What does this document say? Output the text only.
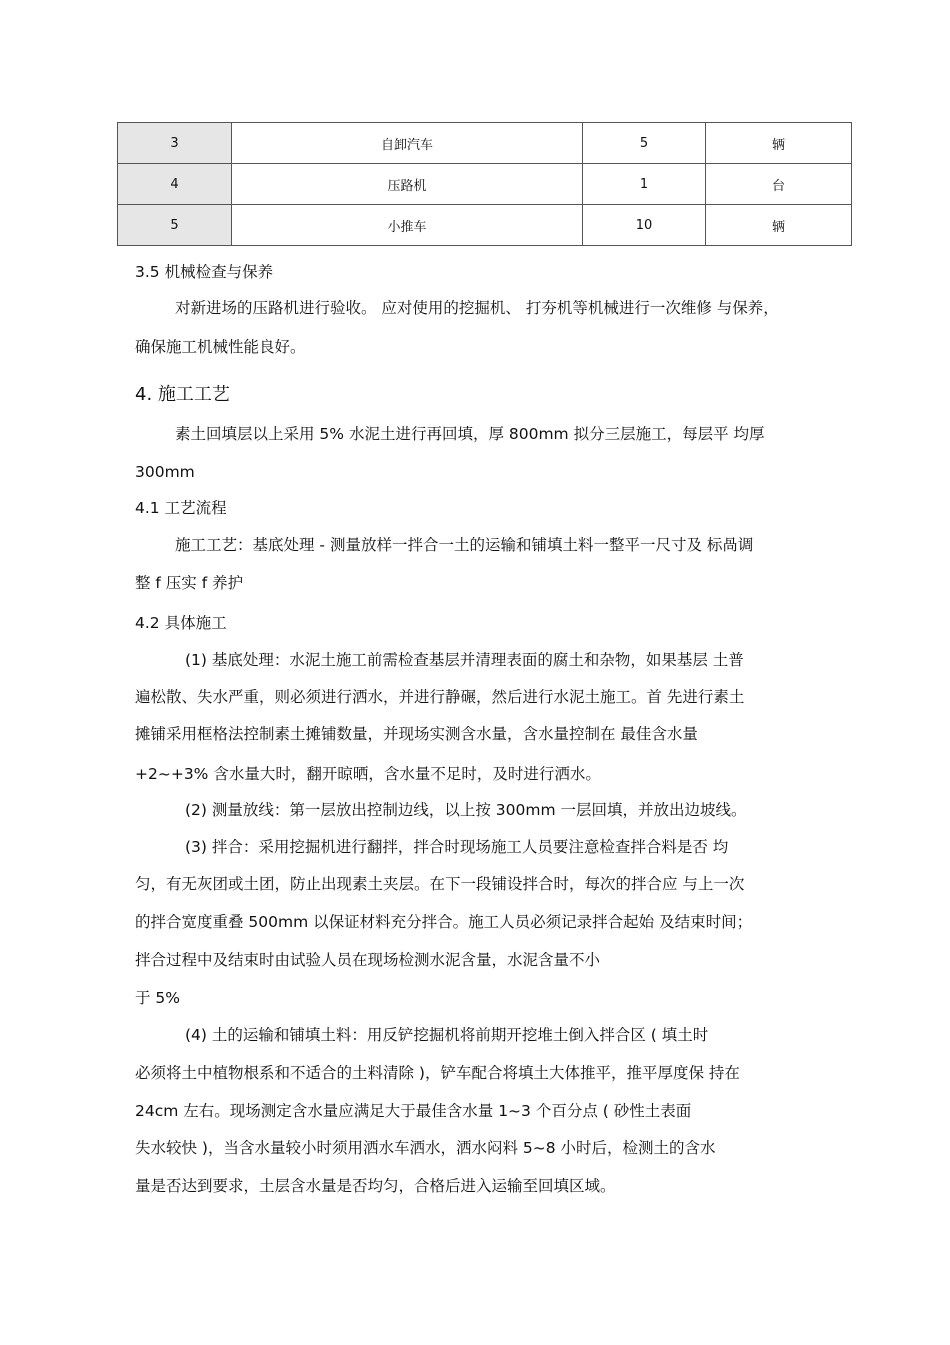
3	自卸汽车	5	辆
4	压路机	1	台
5	小推车	10	辆
3.5 机械检查与保养
对新进场的压路机进行验收。 应对使用的挖掘机、 打夯机等机械进行一次维修 与保养，
确保施工机械性能良好。
4. 施工工艺
素土回填层以上采用 5% 水泥土进行再回填，厚 800mm 拟分三层施工，每层平 均厚
300mm
4.1 工艺流程
施工工艺：基底处理 - 测量放样一拌合一土的运输和铺填土料一整平一尺寸及 标咼调
整 f 压实 f 养护
4.2 具体施工
(1) 基底处理：水泥土施工前需检查基层并清理表面的腐土和杂物，如果基层 土普
遍松散、失水严重，则必须进行洒水，并进行静碾，然后进行水泥土施工。首 先进行素土
摊铺采用框格法控制素土摊铺数量，并现场实测含水量，含水量控制在 最佳含水量
+2~+3% 含水量大时，翻开晾晒，含水量不足时，及时进行洒水。
(2) 测量放线：第一层放出控制边线，以上按 300mm 一层回填，并放出边坡线。
(3) 拌合：采用挖掘机进行翻拌，拌合时现场施工人员要注意检查拌合料是否 均
匀，有无灰团或土团，防止出现素土夹层。在下一段铺设拌合时，每次的拌合应 与上一次
的拌合宽度重叠 500mm 以保证材料充分拌合。施工人员必须记录拌合起始 及结束时间；
拌合过程中及结束时由试验人员在现场检测水泥含量，水泥含量不小
于 5%
(4) 土的运输和铺填土料：用反铲挖掘机将前期开挖堆土倒入拌合区 ( 填土时
必须将土中植物根系和不适合的土料清除 )，铲车配合将填土大体推平，推平厚度保 持在
24cm 左右。现场测定含水量应满足大于最佳含水量 1~3 个百分点 ( 砂性土表面
失水较快 )，当含水量较小时须用洒水车洒水，洒水闷料 5~8 小时后，检测土的含水
量是否达到要求，土层含水量是否均匀，合格后进入运输至回填区域。
